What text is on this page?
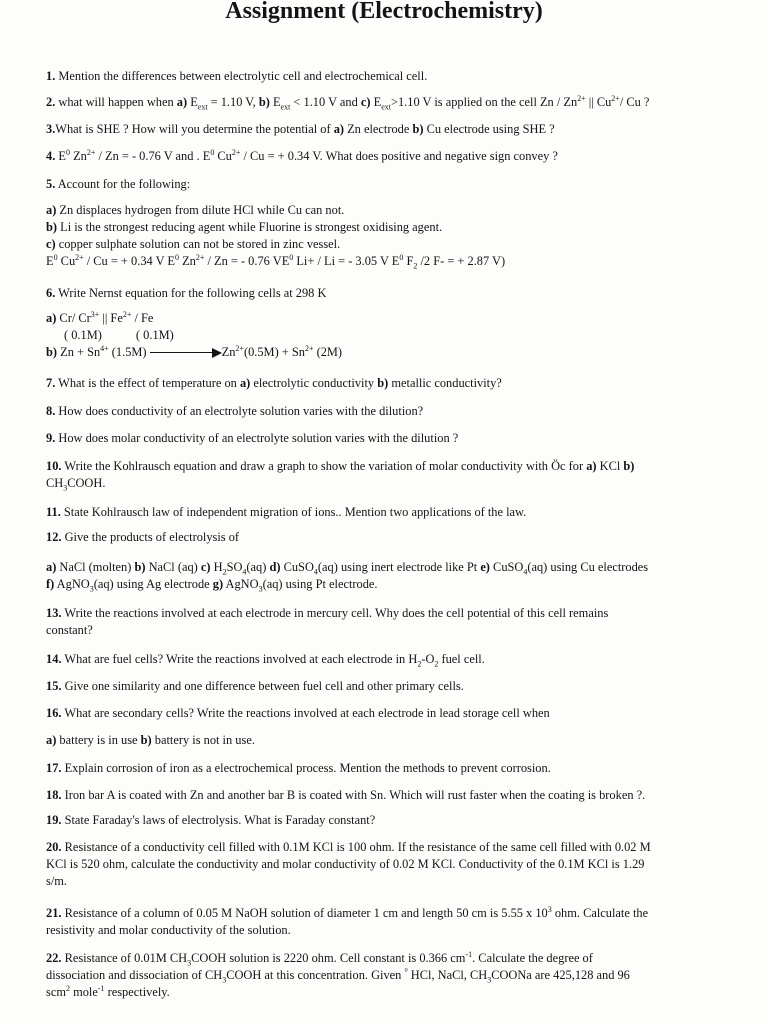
Assignment (Electrochemistry)
1. Mention the differences between electrolytic cell and electrochemical cell.
2. what will happen when a) $E_{ext} = 1.10$ V, b) $E_{ext} < 1.10$ V and c) $E_{ext}>1.10$ V is applied on the cell Zn / $Zn^{2+}$ || $Cu^{2+}/$ Cu ?
3.What is SHE ? How will you determine the potential of a) Zn electrode b) Cu electrode using SHE ?
4. $E^0$ $Zn^{2+}$ / Zn = - 0.76 V and . $E^0$ $Cu^{2+}$ / Cu = + 0.34 V. What does positive and negative sign convey ?
5. Account for the following:
a) Zn displaces hydrogen from dilute HCl while Cu can not.
b) Li is the strongest reducing agent while Fluorine is strongest oxidising agent.
c) copper sulphate solution can not be stored in zinc vessel.
$E^0$ $Cu^{2+}$ / Cu = + 0.34 V $E^0$ $Zn^{2+}$ / Zn = - 0.76 $VE^0$ Li+ / Li = - 3.05 V $E^0$ $F_2$ /2 F- = + 2.87 V)
6. Write Nernst equation for the following cells at 298 K
a) Cr/ $Cr^{3+}$ || $Fe^{2+}$ / Fe
( 0.1M)           ( 0.1M)
b) $Zn + Sn^{4+}$ (1.5M)	$Zn^{2+}(0.5M) + Sn^{2+}$ (2M)
7. What is the effect of temperature on a) electrolytic conductivity b) metallic conductivity?
8. How does conductivity of an electrolyte solution varies with the dilution?
9. How does molar conductivity of an electrolyte solution varies with the dilution ?
10. Write the Kohlrausch equation and draw a graph to show the variation of molar conductivity with Öc for a) KCl b)
$CH_3COOH$.
11. State Kohlrausch law of independent migration of ions.. Mention two applications of the law.
12. Give the products of electrolysis of
a) NaCl (molten) b) NaCl (aq) c) $H_2SO_4(aq)$ d) CuSO$_4$(aq) using inert electrode like Pt e) CuSO$_4$(aq) using Cu electrodes
f) AgNO$_3$(aq) using Ag electrode g) AgNO$_3$(aq) using Pt electrode.
13. Write the reactions involved at each electrode in mercury cell. Why does the cell potential of this cell remains
constant?
14. What are fuel cells? Write the reactions involved at each electrode in $H_2-O_2$ fuel cell.
15. Give one similarity and one difference between fuel cell and other primary cells.
16. What are secondary cells? Write the reactions involved at each electrode in lead storage cell when
a) battery is in use b) battery is not in use.
17. Explain corrosion of iron as a electrochemical process. Mention the methods to prevent corrosion.
18. Iron bar A is coated with Zn and another bar B is coated with Sn. Which will rust faster when the coating is broken ?.
19. State Faraday's laws of electrolysis. What is Faraday constant?
20. Resistance of a conductivity cell filled with 0.1M KCl is 100 ohm. If the resistance of the same cell filled with 0.02 M
KCl is 520 ohm, calculate the conductivity and molar conductivity of 0.02 M KCl. Conductivity of the 0.1M KCl is 1.29
s/m.
21. Resistance of a column of 0.05 M NaOH solution of diameter 1 cm and length 50 cm is 5.55 x $10^3$ ohm. Calculate the
resistivity and molar conductivity of the solution.
22. Resistance of 0.01M $CH_3COOH$ solution is 2220 ohm. Cell constant is 0.366 $cm^{-1}$. Calculate the degree of
dissociation and dissociation of $CH_3COOH$ at this concentration. Given $^{^0}$ HCl, NaCl, $CH_3COONa$ are 425,128 and 96
scm$^2$ mole$^{-1}$ respectively.
